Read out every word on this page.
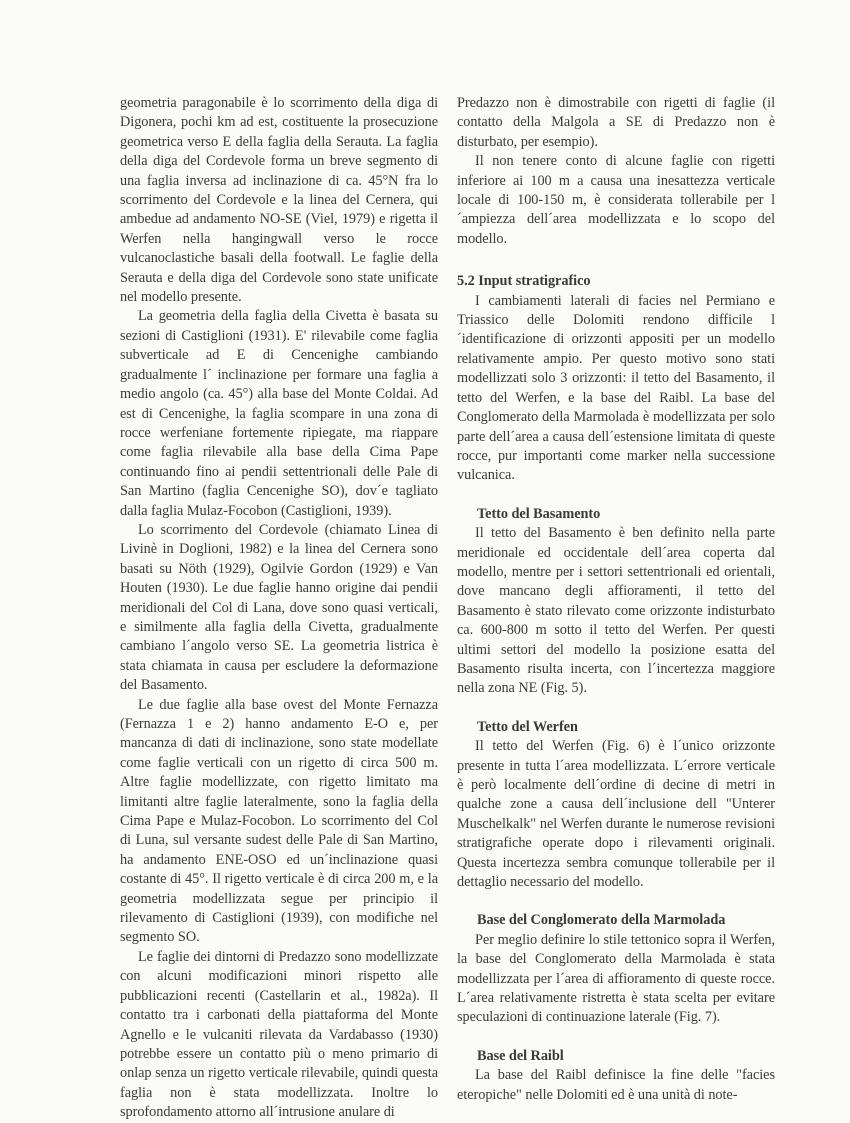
geometria paragonabile è lo scorrimento della diga di Digonera, pochi km ad est, costituente la prosecuzione geometrica verso E della faglia della Serauta. La faglia della diga del Cordevole forma un breve segmento di una faglia inversa ad inclinazione di ca. 45°N fra lo scorrimento del Cordevole e la linea del Cernera, qui ambedue ad andamento NO-SE (Viel, 1979) e rigetta il Werfen nella hangingwall verso le rocce vulcanoclastiche basali della footwall. Le faglie della Serauta e della diga del Cordevole sono state unificate nel modello presente.

La geometria della faglia della Civetta è basata su sezioni di Castiglioni (1931). E' rilevabile come faglia subverticale ad E di Cencenighe cambiando gradualmente l´ inclinazione per formare una faglia a medio angolo (ca. 45°) alla base del Monte Coldai. Ad est di Cencenighe, la faglia scompare in una zona di rocce werfeniane fortemente ripiegate, ma riappare come faglia rilevabile alla base della Cima Pape continuando fino ai pendii settentrionali delle Pale di San Martino (faglia Cencenighe SO), dov´e tagliato dalla faglia Mulaz-Focobon (Castiglioni, 1939).

Lo scorrimento del Cordevole (chiamato Linea di Livinè in Doglioni, 1982) e la linea del Cernera sono basati su Nöth (1929), Ogilvie Gordon (1929) e Van Houten (1930). Le due faglie hanno origine dai pendii meridionali del Col di Lana, dove sono quasi verticali, e similmente alla faglia della Civetta, gradualmente cambiano l´angolo verso SE. La geometria listrica è stata chiamata in causa per escludere la deformazione del Basamento.

Le due faglie alla base ovest del Monte Fernazza (Fernazza 1 e 2) hanno andamento E-O e, per mancanza di dati di inclinazione, sono state modellate come faglie verticali con un rigetto di circa 500 m. Altre faglie modellizzate, con rigetto limitato ma limitanti altre faglie lateralmente, sono la faglia della Cima Pape e Mulaz-Focobon. Lo scorrimento del Col di Luna, sul versante sudest delle Pale di San Martino, ha andamento ENE-OSO ed un´inclinazione quasi costante di 45°. Il rigetto verticale è di circa 200 m, e la geometria modellizzata segue per principio il rilevamento di Castiglioni (1939), con modifiche nel segmento SO.

Le faglie dei dintorni di Predazzo sono modellizzate con alcuni modificazioni minori rispetto alle pubblicazioni recenti (Castellarin et al., 1982a). Il contatto tra i carbonati della piattaforma del Monte Agnello e le vulcaniti rilevata da Vardabasso (1930) potrebbe essere un contatto più o meno primario di onlap senza un rigetto verticale rilevabile, quindi questa faglia non è stata modellizzata. Inoltre lo sprofondamento attorno all´intrusione anulare di

Predazzo non è dimostrabile con rigetti di faglie (il contatto della Malgola a SE di Predazzo non è disturbato, per esempio).

Il non tenere conto di alcune faglie con rigetti inferiore ai 100 m a causa una inesattezza verticale locale di 100-150 m, è considerata tollerabile per l´ampiezza dell´area modellizzata e lo scopo del modello.

5.2 Input stratigrafico

I cambiamenti laterali di facies nel Permiano e Triassico delle Dolomiti rendono difficile l´identificazione di orizzonti appositi per un modello relativamente ampio. Per questo motivo sono stati modellizzati solo 3 orizzonti: il tetto del Basamento, il tetto del Werfen, e la base del Raibl. La base del Conglomerato della Marmolada è modellizzata per solo parte dell´area a causa dell´estensione limitata di queste rocce, pur importanti come marker nella successione vulcanica.

Tetto del Basamento

Il tetto del Basamento è ben definito nella parte meridionale ed occidentale dell´area coperta dal modello, mentre per i settori settentrionali ed orientali, dove mancano degli affioramenti, il tetto del Basamento è stato rilevato come orizzonte indisturbato ca. 600-800 m sotto il tetto del Werfen. Per questi ultimi settori del modello la posizione esatta del Basamento risulta incerta, con l´incertezza maggiore nella zona NE (Fig. 5).

Tetto del Werfen

Il tetto del Werfen (Fig. 6) è l´unico orizzonte presente in tutta l´area modellizzata. L´errore verticale è però localmente dell´ordine di decine di metri in qualche zone a causa dell´inclusione dell "Unterer Muschelkalk" nel Werfen durante le numerose revisioni stratigrafiche operate dopo i rilevamenti originali. Questa incertezza sembra comunque tollerabile per il dettaglio necessario del modello.

Base del Conglomerato della Marmolada

Per meglio definire lo stile tettonico sopra il Werfen, la base del Conglomerato della Marmolada è stata modellizzata per l´area di affioramento di queste rocce. L´area relativamente ristretta è stata scelta per evitare speculazioni di continuazione laterale (Fig. 7).

Base del Raibl

La base del Raibl definisce la fine delle "facies eteropiche" nelle Dolomiti ed è una unità di note-
